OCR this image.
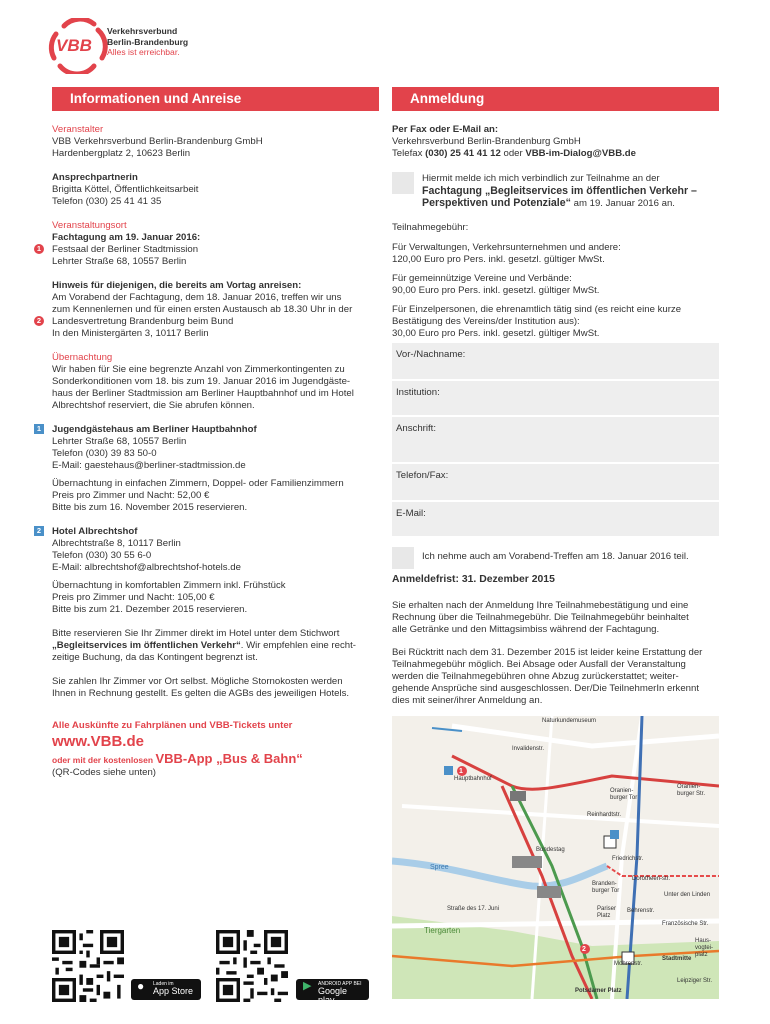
VBB
Verkehrsverbund
Berlin-Brandenburg
Alles ist erreichbar.
Informationen und Anreise	Anmeldung
Veranstalter
VBB Verkehrsverbund Berlin-Brandenburg GmbH
Hardenbergplatz 2, 10623 Berlin
Ansprechpartnerin
Brigitta Köttel, Öffentlichkeitsarbeit
Telefon (030) 25 41 41 35
Veranstaltungsort
Fachtagung am 19. Januar 2016:
1	Festsaal der Berliner Stadtmission
Lehrter Straße 68, 10557 Berlin
Hinweis für diejenigen, die bereits am Vortag anreisen:
Am Vorabend der Fachtagung, dem 18. Januar 2016, treffen wir uns
zum Kennenlernen und für einen ersten Austausch ab 18.30 Uhr in der
2	Landesvertretung Brandenburg beim Bund
In den Ministergärten 3, 10117 Berlin
Übernachtung
Wir haben für Sie eine begrenzte Anzahl von Zimmerkontingenten zu
Sonderkonditionen vom 18. bis zum 19. Januar 2016 im Jugendgäste-
haus der Berliner Stadtmission am Berliner Hauptbahnhof und im Hotel
Albrechtshof reserviert, die Sie abrufen können.
1	Jugendgästehaus am Berliner Hauptbahnhof
Lehrter Straße 68, 10557 Berlin
Telefon (030) 39 83 50-0
E-Mail: gaestehaus@berliner-stadtmission.de
Übernachtung in einfachen Zimmern, Doppel- oder Familienzimmern
Preis pro Zimmer und Nacht: 52,00 €
Bitte bis zum 16. November 2015 reservieren.
2	Hotel Albrechtshof
Albrechtstraße 8, 10117 Berlin
Telefon (030) 30 55 6-0
E-Mail: albrechtshof@albrechtshof-hotels.de
Übernachtung in komfortablen Zimmern inkl. Frühstück
Preis pro Zimmer und Nacht: 105,00 €
Bitte bis zum 21. Dezember 2015 reservieren.
Bitte reservieren Sie Ihr Zimmer direkt im Hotel unter dem Stichwort
„Begleitservices im öffentlichen Verkehr“. Wir empfehlen eine recht-
zeitige Buchung, da das Kontingent begrenzt ist.
Sie zahlen Ihr Zimmer vor Ort selbst. Mögliche Stornokosten werden
Ihnen in Rechnung gestellt. Es gelten die AGBs des jeweiligen Hotels.
Alle Auskünfte zu Fahrplänen und VBB-Tickets unter
www.VBB.de
oder mit der kostenlosen VBB-App „Bus & Bahn“
(QR-Codes siehe unten)
● Laden im
App Store	▶ ANDROID APP BEI
Google play
Per Fax oder E-Mail an:
Verkehrsverbund Berlin-Brandenburg GmbH
Telefax (030) 25 41 41 12 oder VBB-im-Dialog@VBB.de
Hiermit melde ich mich verbindlich zur Teilnahme an der
Fachtagung „Begleitservices im öffentlichen Verkehr –
Perspektiven und Potenziale“ am 19. Januar 2016 an.
Teilnahmegebühr:
Für Verwaltungen, Verkehrsunternehmen und andere:
120,00 Euro pro Pers. inkl. gesetzl. gültiger MwSt.
Für gemeinnützige Vereine und Verbände:
90,00 Euro pro Pers. inkl. gesetzl. gültiger MwSt.
Für Einzelpersonen, die ehrenamtlich tätig sind (es reicht eine kurze
Bestätigung des Vereins/der Institution aus):
30,00 Euro pro Pers. inkl. gesetzl. gültiger MwSt.
Vor-/Nachname:
Institution:
Anschrift:
Telefon/Fax:
E-Mail:
Ich nehme auch am Vorabend-Treffen am 18. Januar 2016 teil.
Anmeldefrist: 31. Dezember 2015
Sie erhalten nach der Anmeldung Ihre Teilnahmebestätigung und eine
Rechnung über die Teilnahmegebühr. Die Teilnahmegebühr beinhaltet
alle Getränke und den Mittagsimbiss während der Fachtagung.
Bei Rücktritt nach dem 31. Dezember 2015 ist leider keine Erstattung der
Teilnahmegebühr möglich. Bei Absage oder Ausfall der Veranstaltung
werden die Teilnahmegebühren ohne Abzug zurückerstattet; weiter-
gehende Ansprüche sind ausgeschlossen. Der/Die TeilnehmerIn erkennt
dies mit seiner/ihrer Anmeldung an.
1
2
Naturkundemuseum
Hauptbahnhof
Oranien-burger Tor
Oranien-burger Str.
Friedrichstr.
Bundestag
Branden-burger Tor
Pariser Platz
Unter den Linden
Französische Str.
Haus-vogtei-platz
Stadtmitte
Mohrenstr.
Potsdamer Platz
Leipziger Str.
Tiergarten
Spree
Straße des 17. Juni
Invalidenstr.
Reinhardtstr.
Dorotheen-str.
Behrenstr.
